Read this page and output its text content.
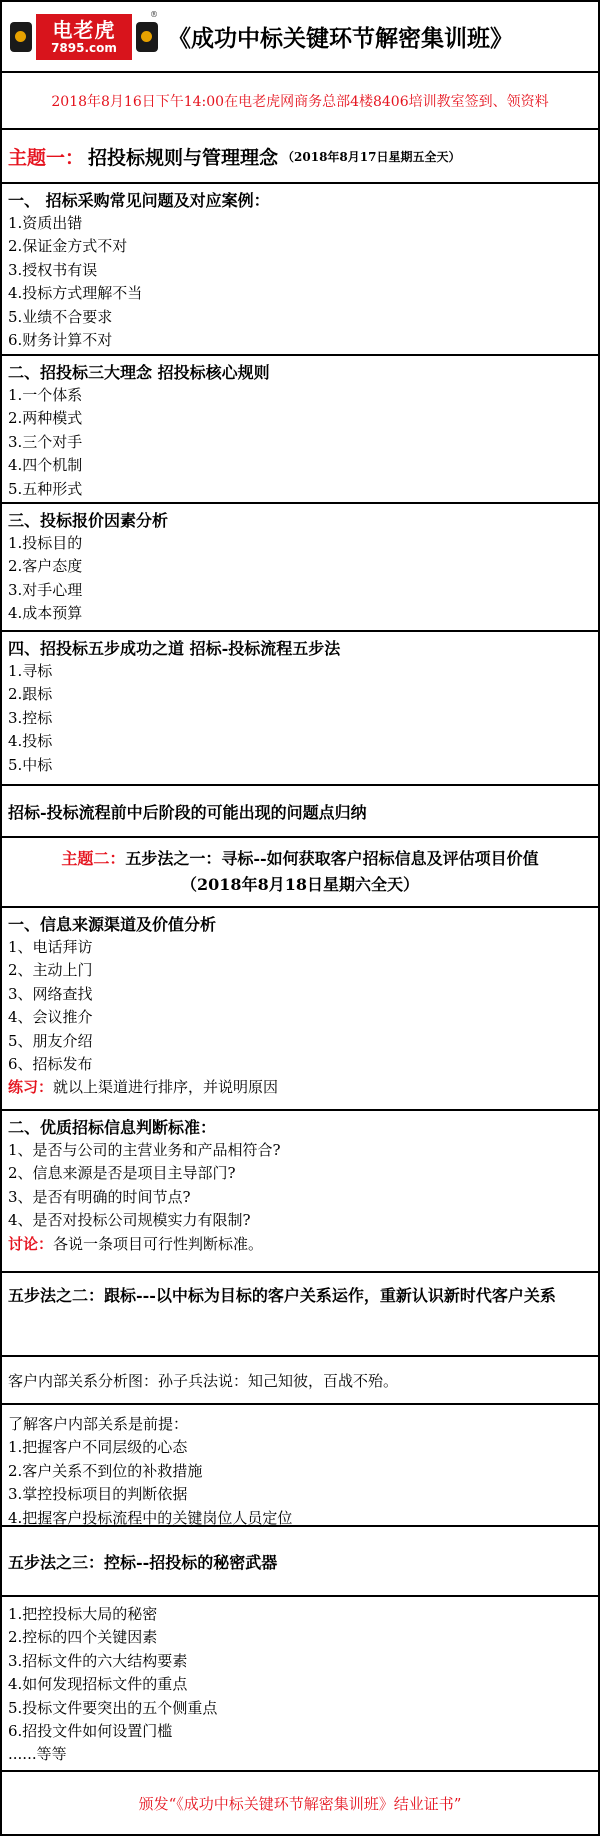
电老虎
7895.com
®
《成功中标关键环节解密集训班》
2018年8月16日下午14:00在电老虎网商务总部4楼8406培训教室签到、领资料
主题一： 招投标规则与管理理念 （2018年8月17日星期五全天）
一、 招标采购常见问题及对应案例：
1.资质出错
2.保证金方式不对
3.授权书有误
4.投标方式理解不当
5.业绩不合要求
6.财务计算不对
二、招投标三大理念 招投标核心规则
1.一个体系
2.两种模式
3.三个对手
4.四个机制
5.五种形式
三、投标报价因素分析
1.投标目的
2.客户态度
3.对手心理
4.成本预算
四、招投标五步成功之道 招标-投标流程五步法
1.寻标
2.跟标
3.控标
4.投标
5.中标
招标-投标流程前中后阶段的可能出现的问题点归纳
主题二：五步法之一：寻标--如何获取客户招标信息及评估项目价值
（2018年8月18日星期六全天）
一、信息来源渠道及价值分析
1、电话拜访
2、主动上门
3、网络查找
4、会议推介
5、朋友介绍
6、招标发布
练习：就以上渠道进行排序，并说明原因
二、优质招标信息判断标准：
1、是否与公司的主营业务和产品相符合?
2、信息来源是否是项目主导部门?
3、是否有明确的时间节点?
4、是否对投标公司规模实力有限制?
讨论：各说一条项目可行性判断标准。
五步法之二：跟标---以中标为目标的客户关系运作，重新认识新时代客户关系
客户内部关系分析图：孙子兵法说：知己知彼，百战不殆。
了解客户内部关系是前提：
1.把握客户不同层级的心态
2.客户关系不到位的补救措施
3.掌控投标项目的判断依据
4.把握客户投标流程中的关键岗位人员定位
五步法之三：控标--招投标的秘密武器
1.把控投标大局的秘密
2.控标的四个关键因素
3.招标文件的六大结构要素
4.如何发现招标文件的重点
5.投标文件要突出的五个侧重点
6.招投文件如何设置门槛
......等等
颁发“《成功中标关键环节解密集训班》结业证书”
